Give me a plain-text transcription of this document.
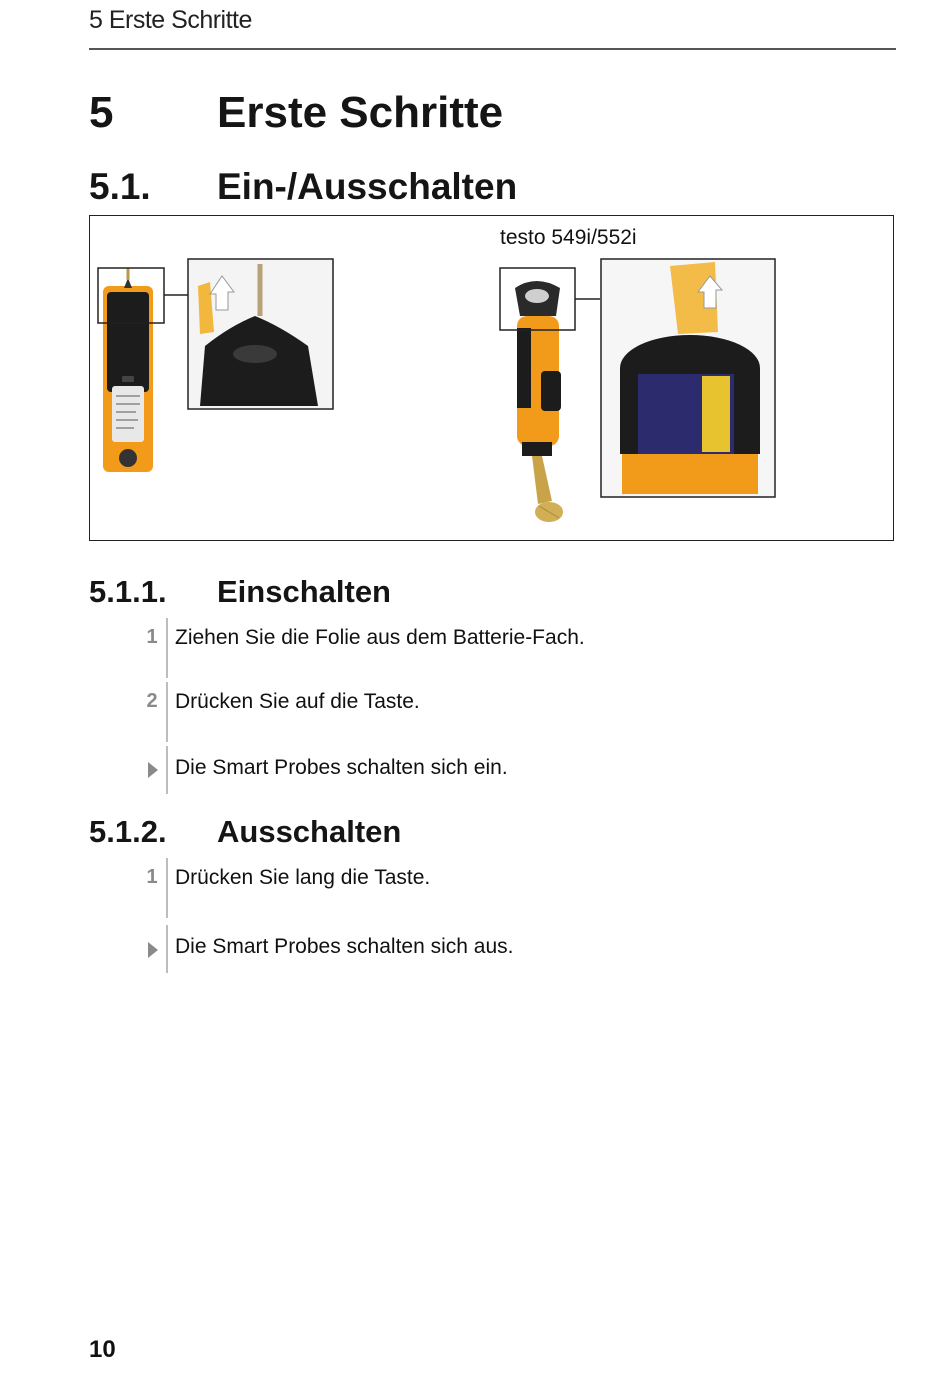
5 Erste Schritte
5 Erste Schritte
5.1. Ein-/Ausschalten
testo 549i/552i
5.1.1. Einschalten
1 Ziehen Sie die Folie aus dem Batterie-Fach.
2 Drücken Sie auf die Taste.
Die Smart Probes schalten sich ein.
5.1.2. Ausschalten
1 Drücken Sie lang die Taste.
Die Smart Probes schalten sich aus.
10
